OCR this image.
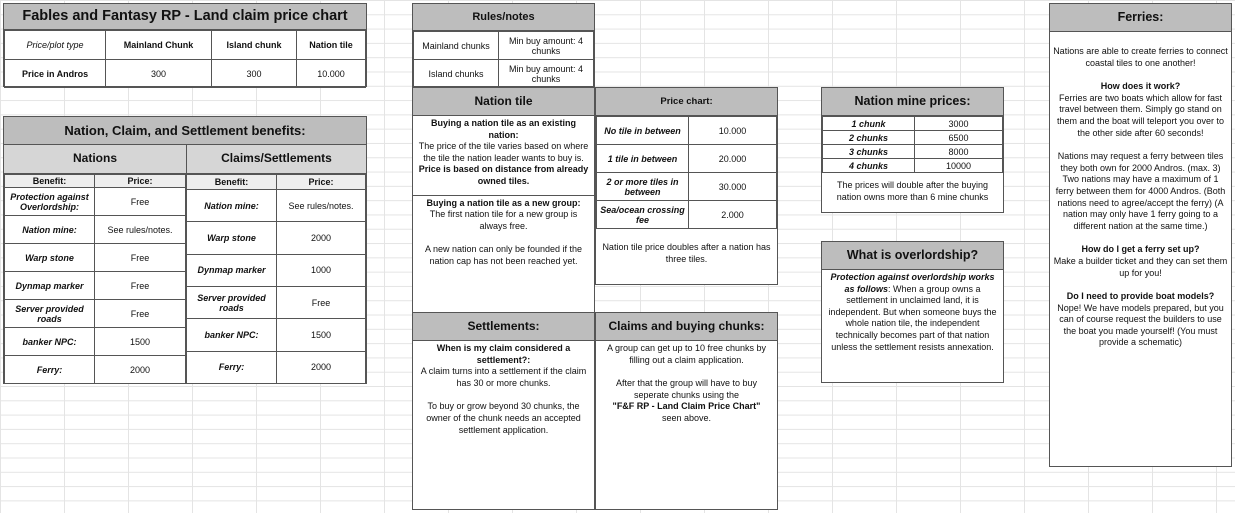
Fables and Fantasy RP - Land claim price chart
Price/plot type	Mainland Chunk	Island chunk	Nation tile
Price in Andros	300	300	10.000
Nation, Claim, and Settlement benefits:
Nations	Claims/Settlements
Benefit:	Price:
Protection against Overlordship:	Free
Nation mine:	See rules/notes.
Warp stone	Free
Dynmap marker	Free
Server provided roads	Free
banker NPC:	1500
Ferry:	2000
Benefit:	Price:
Nation mine:	See rules/notes.
Warp stone	2000
Dynmap marker	1000
Server provided roads	Free
banker NPC:	1500
Ferry:	2000
Rules/notes
Mainland chunks	Min buy amount: 4 chunks
Island chunks	Min buy amount: 4 chunks
Nation tile
Buying a nation tile as an existing nation:
The price of the tile varies based on where the tile the nation leader wants to buy is.
Price is based on distance from already owned tiles.
Buying a nation tile as a new group:
The first nation tile for a new group is always free.
A new nation can only be founded if the nation cap has not been reached yet.
Price chart:
No tile in between	10.000
1 tile in between	20.000
2 or more tiles in between	30.000
Sea/ocean crossing fee	2.000
Nation tile price doubles after a nation has three tiles.
Settlements:
When is my claim considered a settlement?:
A claim turns into a settlement if the claim has 30 or more chunks.
To buy or grow beyond 30 chunks, the owner of the chunk needs an accepted settlement application.
Claims and buying chunks:
A group can get up to 10 free chunks by filling out a claim application.
After that the group will have to buy seperate chunks using the
"F&F RP - Land Claim Price Chart"
seen above.
Nation mine prices:
1 chunk	3000
2 chunks	6500
3 chunks	8000
4 chunks	10000
The prices will double after the buying nation owns more than 6 mine chunks
What is overlordship?
Protection against overlordship works as follows: When a group owns a settlement in unclaimed land, it is independent. But when someone buys the whole nation tile, the independent technically becomes part of that nation unless the settlement resists annexation.
Ferries:
Nations are able to create ferries to connect coastal tiles to one another!
How does it work?
Ferries are two boats which allow for fast travel between them. Simply go stand on them and the boat will teleport you over to the other side after 60 seconds!
Nations may request a ferry between tiles they both own for 2000 Andros. (max. 3) Two nations may have a maximum of 1 ferry between them for 4000 Andros. (Both nations need to agree/accept the ferry) (A nation may only have 1 ferry going to a different nation at the same time.)
How do I get a ferry set up?
Make a builder ticket and they can set them up for you!
Do I need to provide boat models?
Nope! We have models prepared, but you can of course request the builders to use the boat you made yourself! (You must provide a schematic)
